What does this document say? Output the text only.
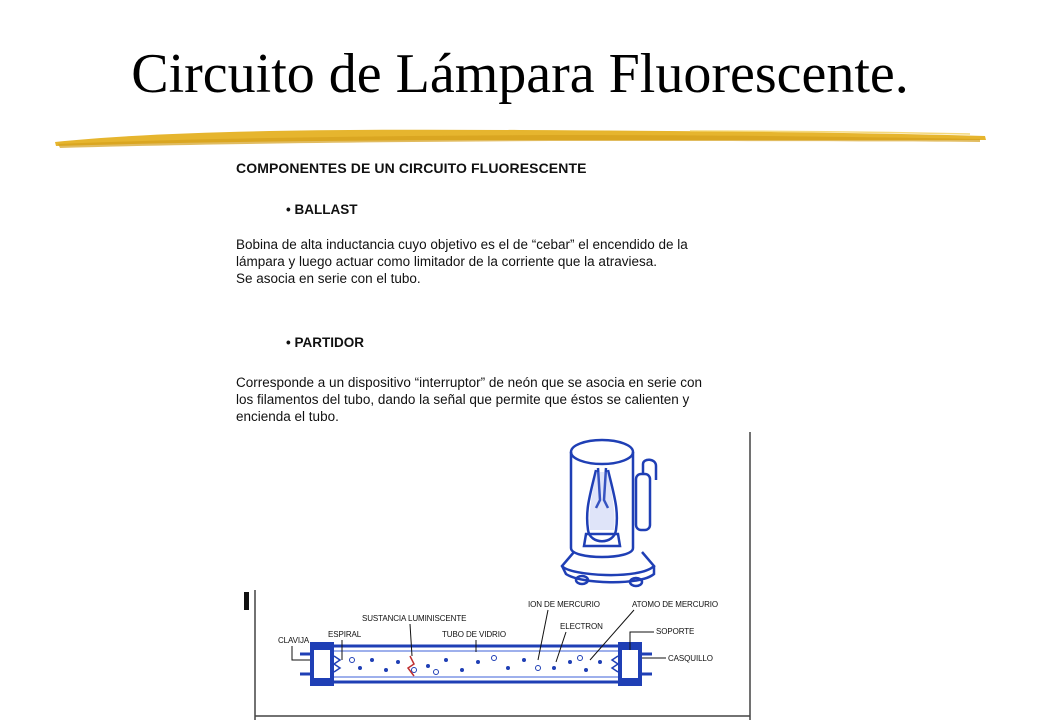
Circuito de Lámpara Fluorescente.
COMPONENTES DE UN CIRCUITO FLUORESCENTE
• BALLAST
Bobina de alta inductancia cuyo objetivo es el de “cebar” el encendido de la
lámpara y luego actuar como limitador de la corriente que la atraviesa.
Se asocia en serie con el tubo.
• PARTIDOR
Corresponde a un dispositivo “interruptor” de neón que se asocia en serie con
los filamentos del tubo, dando la señal que permite que éstos se calienten y
encienda el tubo.
CLAVIJA
ESPIRAL
SUSTANCIA LUMINISCENTE
TUBO DE VIDRIO
ION DE MERCURIO
ELECTRON
ATOMO DE MERCURIO
SOPORTE
CASQUILLO
